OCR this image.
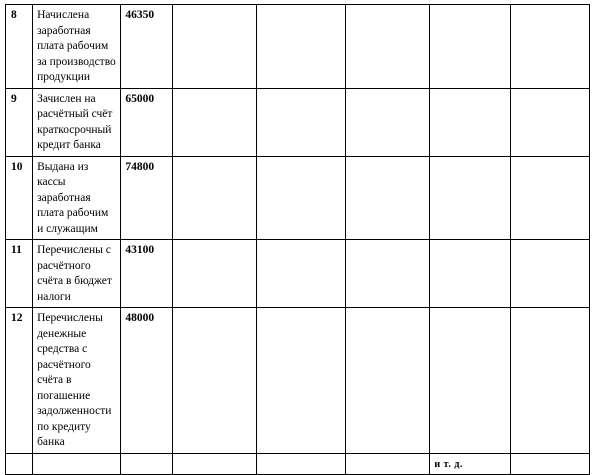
8	Начислена заработная плата рабочим за производство продукции	46350					
9	Зачислен на расчётный счёт краткосрочный кредит банка	65000					
10	Выдана из кассы заработная плата рабочим и служащим	74800					
11	Перечислены с расчётного счёта в бюджет налоги	43100					
12	Перечислены денежные средства с расчётного счёта в погашение задолженности по кредиту банка	48000					
						и т. д.	
